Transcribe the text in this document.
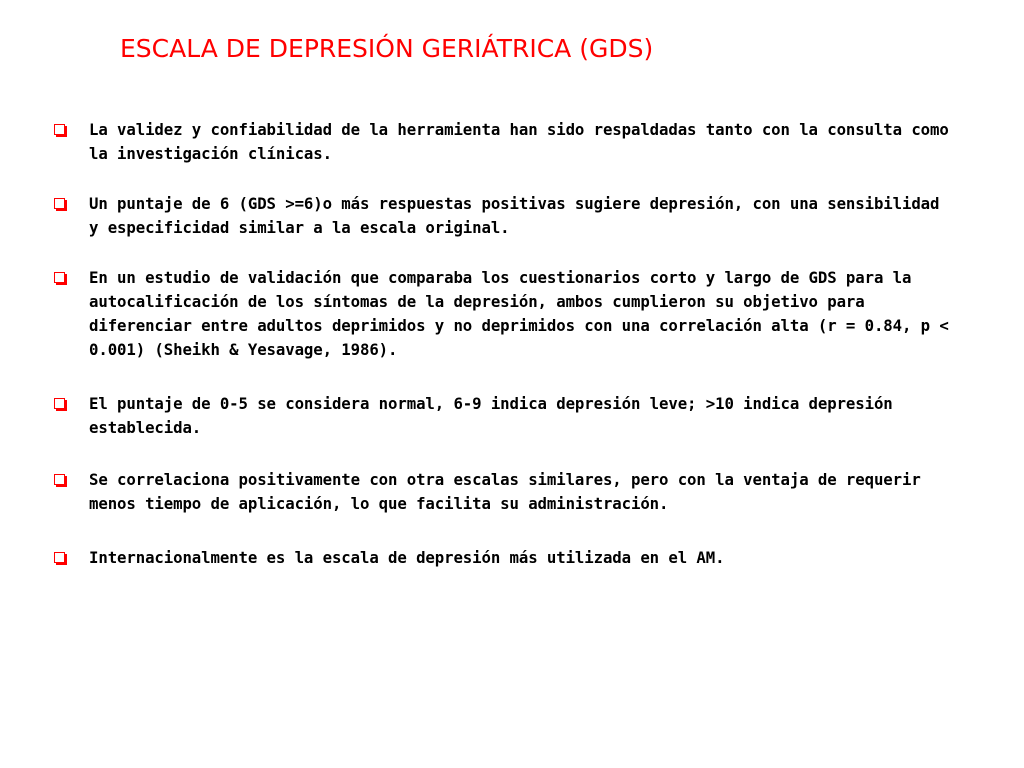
ESCALA DE DEPRESIÓN GERIÁTRICA (GDS)
La validez y confiabilidad de la herramienta han sido respaldadas tanto con la consulta como la investigación clínicas.
Un puntaje de 6 (GDS >=6)o más respuestas positivas sugiere depresión, con una sensibilidad y especificidad similar a la escala original.
En un estudio de validación que comparaba los cuestionarios corto y largo de GDS para la autocalificación de los síntomas de la depresión, ambos cumplieron su objetivo para diferenciar entre adultos deprimidos y no deprimidos con una correlación alta (r = 0.84, p < 0.001) (Sheikh & Yesavage, 1986).
El puntaje de 0-5 se considera normal, 6-9 indica depresión leve; >10 indica depresión establecida.
Se correlaciona positivamente con otra escalas similares, pero con la ventaja de requerir menos tiempo de aplicación, lo que facilita su administración.
Internacionalmente es la escala de depresión más utilizada en el AM.
